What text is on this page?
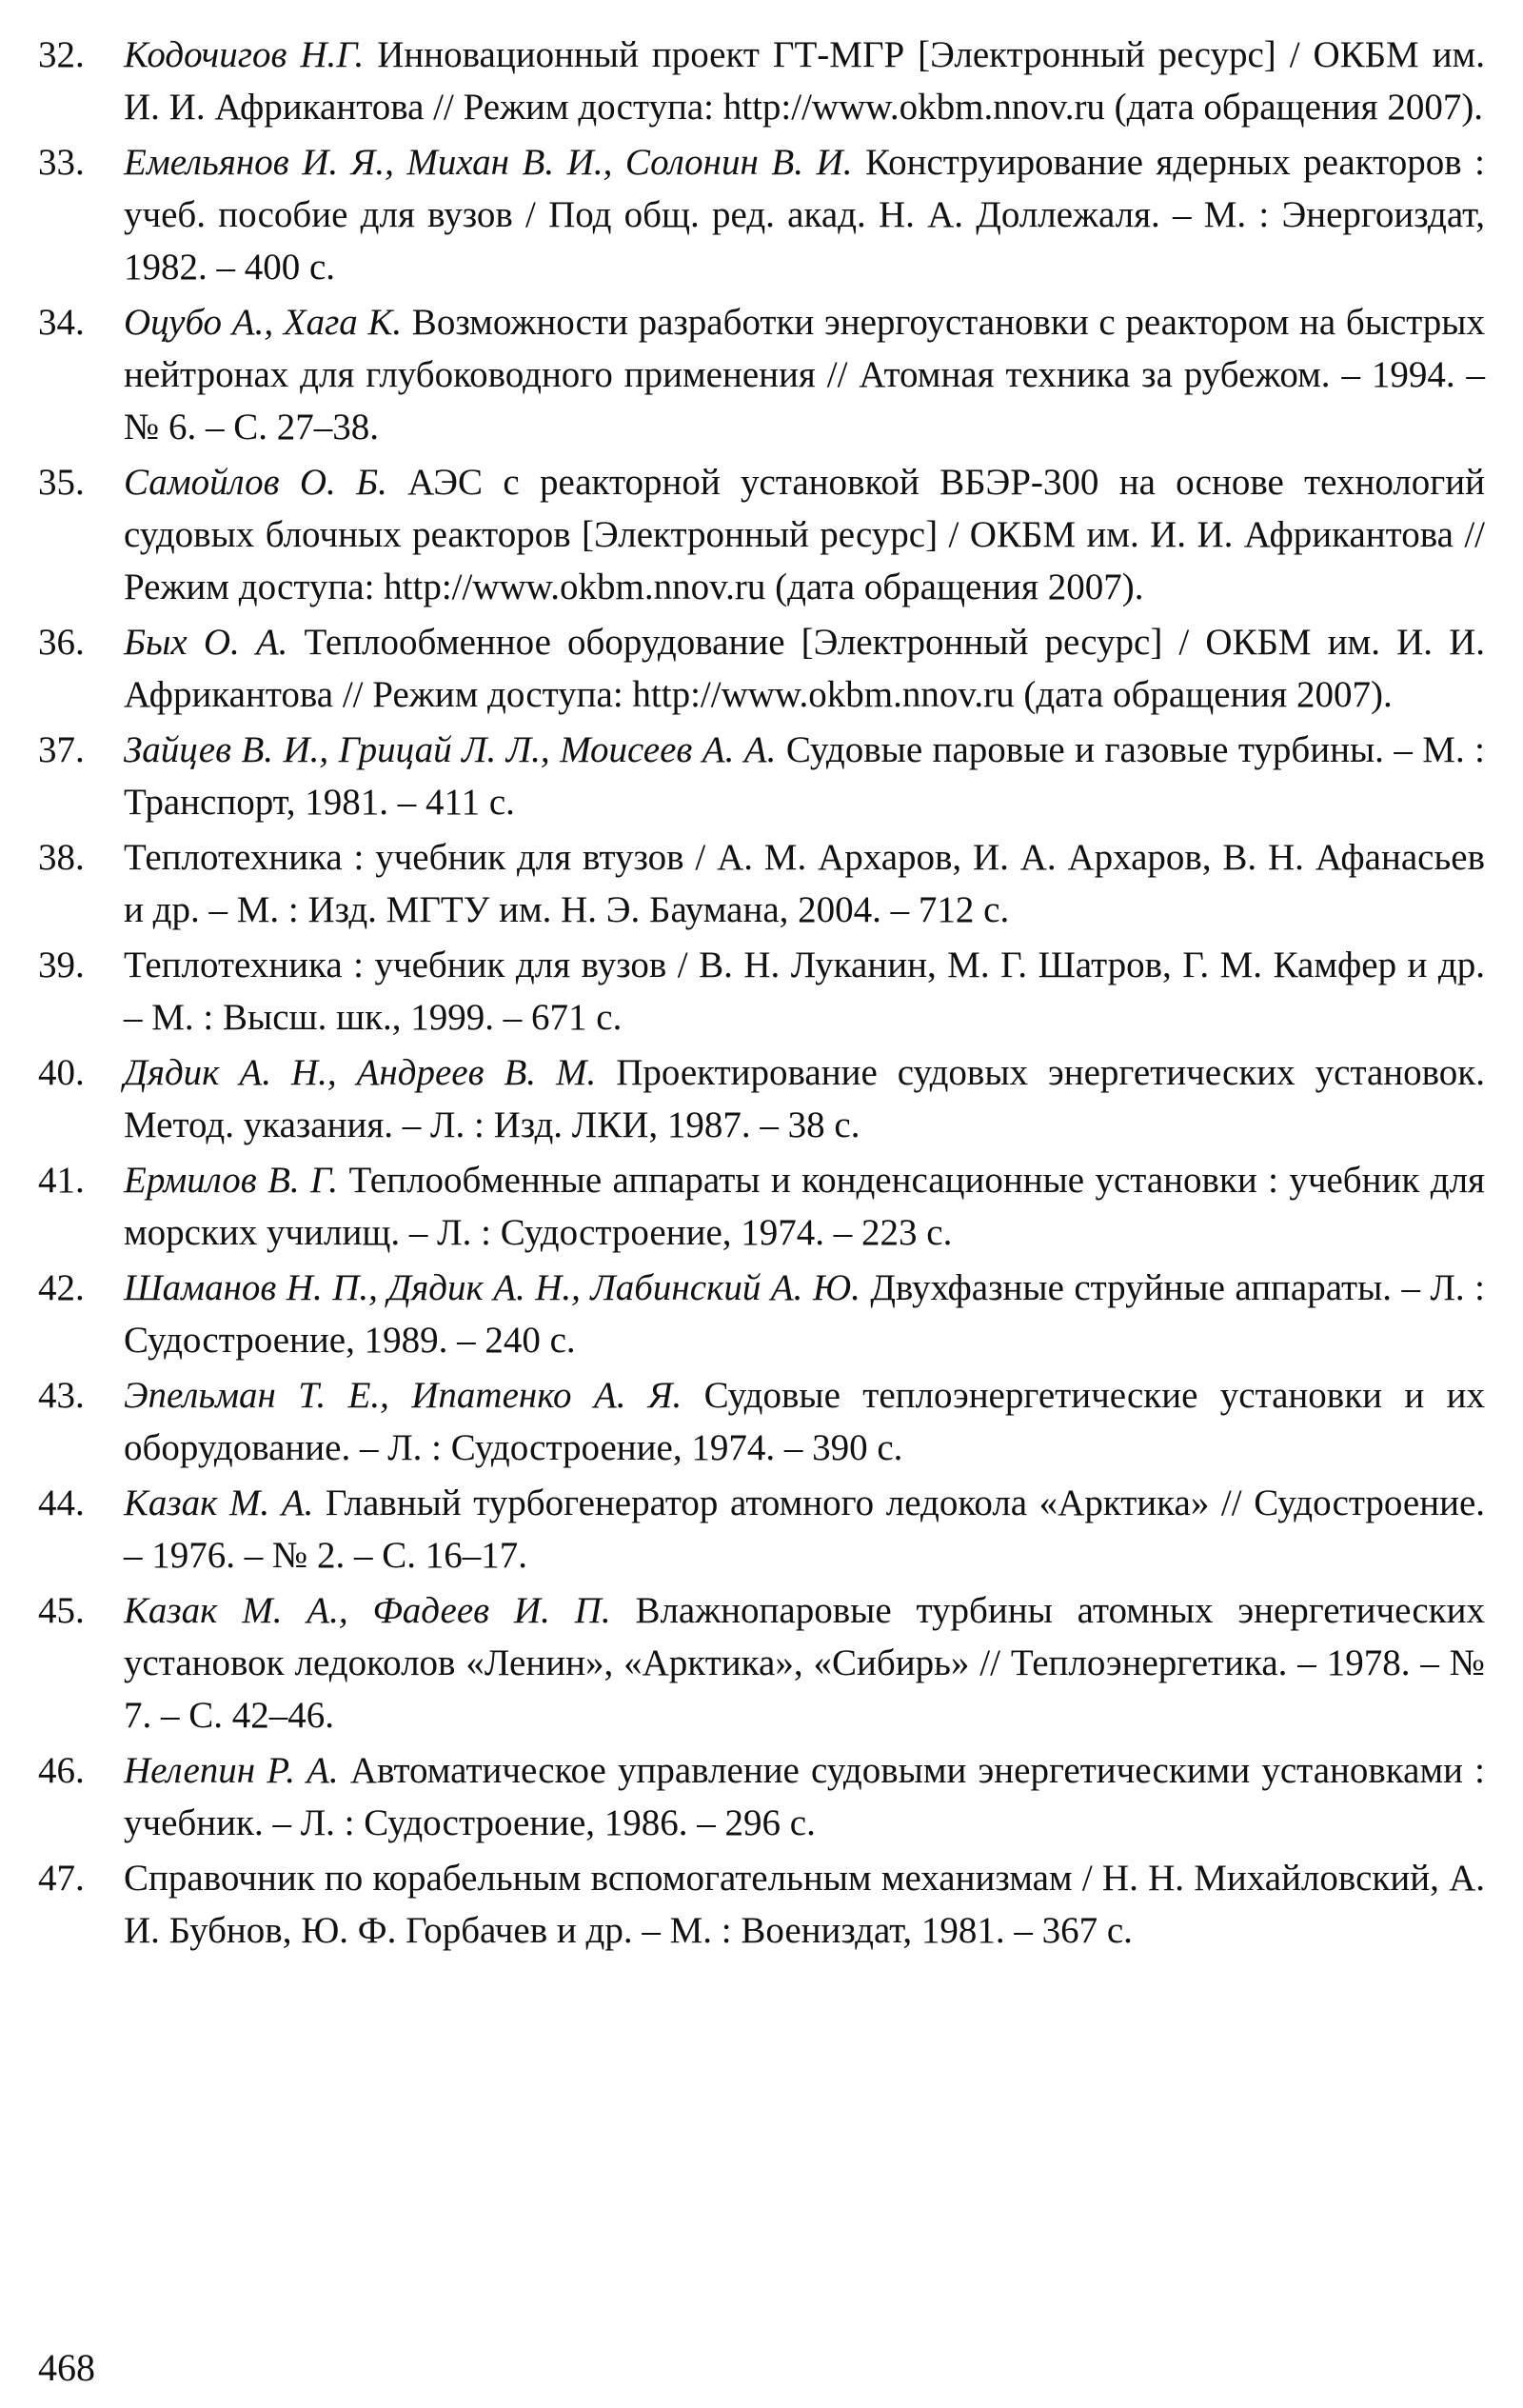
32.	Кодочигов Н.Г. Инновационный проект ГТ-МГР [Электронный ресурс] / ОКБМ им. И. И. Африкантова // Режим доступа: http://www.okbm.nnov.ru (дата обращения 2007).
33.	Емельянов И. Я., Михан В. И., Солонин В. И. Конструирование ядерных реакторов : учеб. пособие для вузов / Под общ. ред. акад. Н. А. Доллежаля. – М. : Энергоиздат, 1982. – 400 с.
34.	Оцубо А., Хага К. Возможности разработки энергоустановки с реактором на быстрых нейтронах для глубоководного применения // Атомная техника за рубежом. – 1994. – № 6. – С. 27–38.
35.	Самойлов О. Б. АЭС с реакторной установкой ВБЭР-300 на основе технологий судовых блочных реакторов [Электронный ресурс] / ОКБМ им. И. И. Африкантова // Режим доступа: http://www.okbm.nnov.ru (дата обращения 2007).
36.	Бых О. А. Теплообменное оборудование [Электронный ресурс] / ОКБМ им. И. И. Африкантова // Режим доступа: http://www.okbm.nnov.ru (дата обращения 2007).
37.	Зайцев В. И., Грицай Л. Л., Моисеев А. А. Судовые паровые и газовые турбины. – М. : Транспорт, 1981. – 411 с.
38.	Теплотехника : учебник для втузов / А. М. Архаров, И. А. Архаров, В. Н. Афанасьев и др. – М. : Изд. МГТУ им. Н. Э. Баумана, 2004. – 712 с.
39.	Теплотехника : учебник для вузов / В. Н. Луканин, М. Г. Шатров, Г. М. Камфер и др. – М. : Высш. шк., 1999. – 671 с.
40.	Дядик А. Н., Андреев В. М. Проектирование судовых энергетических установок. Метод. указания. – Л. : Изд. ЛКИ, 1987. – 38 с.
41.	Ермилов В. Г. Теплообменные аппараты и конденсационные установки : учебник для морских училищ. – Л. : Судостроение, 1974. – 223 с.
42.	Шаманов Н. П., Дядик А. Н., Лабинский А. Ю. Двухфазные струйные аппараты. – Л. : Судостроение, 1989. – 240 с.
43.	Эпельман Т. Е., Ипатенко А. Я. Судовые теплоэнергетические установки и их оборудование. – Л. : Судостроение, 1974. – 390 с.
44.	Казак М. А. Главный турбогенератор атомного ледокола «Арктика» // Судостроение. – 1976. – № 2. – С. 16–17.
45.	Казак М. А., Фадеев И. П. Влажнопаровые турбины атомных энергетических установок ледоколов «Ленин», «Арктика», «Сибирь» // Теплоэнергетика. – 1978. – № 7. – С. 42–46.
46.	Нелепин Р. А. Автоматическое управление судовыми энергетическими установками : учебник. – Л. : Судостроение, 1986. – 296 с.
47.	Справочник по корабельным вспомогательным механизмам / Н. Н. Михайловский, А. И. Бубнов, Ю. Ф. Горбачев и др. – М. : Воениздат, 1981. – 367 с.
468
